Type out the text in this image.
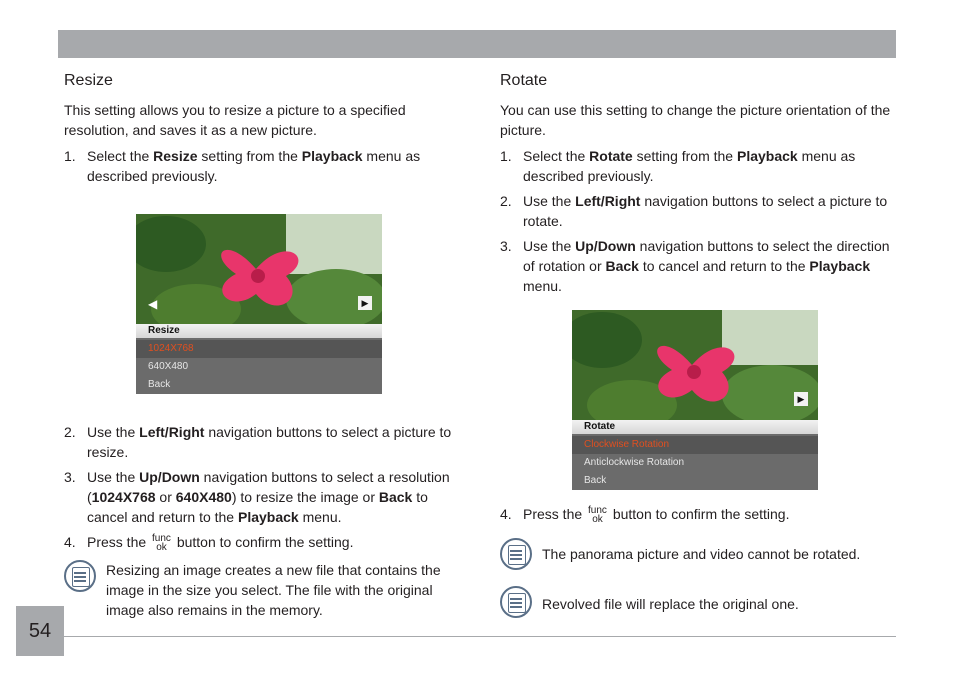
Resize

This setting allows you to resize a picture to a specified resolution, and saves it as a new picture.

1. Select the Resize setting from the Playback menu as described previously.
◀	▶
Resize
1024X768
640X480
Back
2. Use the Left/Right navigation buttons to select a picture to resize.
3. Use the Up/Down navigation buttons to select a resolution (1024X768 or 640X480) to resize the image or Back to cancel and return to the Playback menu.
4. Press the func
ok button to confirm the setting.
Resizing an image creates a new file that contains the image in the size you select. The file with the original image also remains in the memory.
Rotate

You can use this setting to change the picture orientation of the picture.

1. Select the Rotate setting from the Playback menu as described previously.
2. Use the Left/Right navigation buttons to select a picture to rotate.
3. Use the Up/Down navigation buttons to select the direction of rotation or Back to cancel and return to the Playback menu.
▶
Rotate
Clockwise Rotation
Anticlockwise Rotation
Back
4. Press the func
ok button to confirm the setting.
The panorama picture and video cannot be rotated.
Revolved file will replace the original one.
54
